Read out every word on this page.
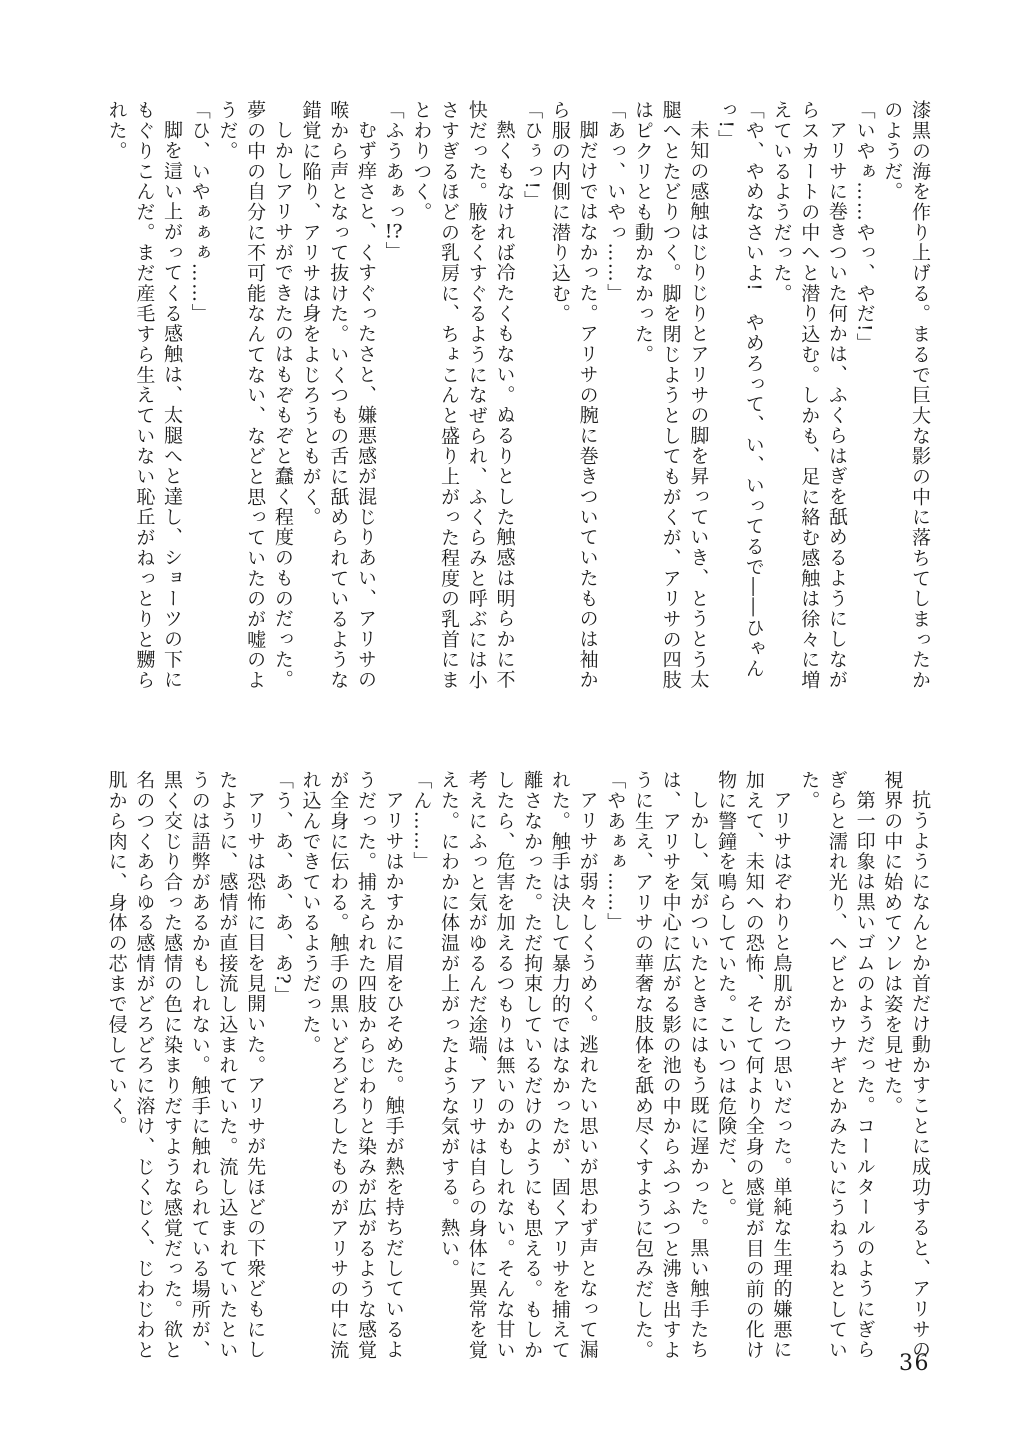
漆黒の海を作り上げる。まるで巨大な影の中に落ちてしまったか
のようだ。
「いやぁ……やっ、やだ!」
アリサに巻きついた何かは、ふくらはぎを舐めるようにしなが
らスカートの中へと潜り込む。しかも、足に絡む感触は徐々に増
えているようだった。
「や、やめなさいよ!　やめろって、い、いってるで――ひゃん
っ!」
未知の感触はじりじりとアリサの脚を昇っていき、とうとう太
腿へとたどりつく。脚を閉じようとしてもがくが、アリサの四肢
はピクリとも動かなかった。
「あっ、いやっ……」
脚だけではなかった。アリサの腕に巻きついていたものは袖か
ら服の内側に潜り込む。
「ひぅっ!」
熱くもなければ冷たくもない。ぬるりとした触感は明らかに不
快だった。腋をくすぐるようになぜられ、ふくらみと呼ぶには小
さすぎるほどの乳房に、ちょこんと盛り上がった程度の乳首にま
とわりつく。
「ふうあぁっ!?」
むず痒さと、くすぐったさと、嫌悪感が混じりあい、アリサの
喉から声となって抜けた。いくつもの舌に舐められているような
錯覚に陥り、アリサは身をよじろうともがく。
しかしアリサができたのはもぞもぞと蠢く程度のものだった。
夢の中の自分に不可能なんてない、などと思っていたのが嘘のよ
うだ。
「ひ、いやぁぁぁ……」
脚を這い上がってくる感触は、太腿へと達し、ショーツの下に
もぐりこんだ。まだ産毛すら生えていない恥丘がねっとりと嬲ら
れた。
抗うようになんとか首だけ動かすことに成功すると、アリサの
視界の中に始めてソレは姿を見せた。
第一印象は黒いゴムのようだった。コールタールのようにぎら
ぎらと濡れ光り、ヘビとかウナギとかみたいにうねうねとしてい
た。
アリサはぞわりと鳥肌がたつ思いだった。単純な生理的嫌悪に
加えて、未知への恐怖、そして何より全身の感覚が目の前の化け
物に警鐘を鳴らしていた。こいつは危険だ、と。
しかし、気がついたときにはもう既に遅かった。黒い触手たち
は、アリサを中心に広がる影の池の中からふつふつと沸き出すよ
うに生え、アリサの華奢な肢体を舐め尽くすように包みだした。
「やあぁぁ……」
アリサが弱々しくうめく。逃れたい思いが思わず声となって漏
れた。触手は決して暴力的ではなかったが、固くアリサを捕えて
離さなかった。ただ拘束しているだけのようにも思える。もしか
したら、危害を加えるつもりは無いのかもしれない。そんな甘い
考えにふっと気がゆるんだ途端、アリサは自らの身体に異常を覚
えた。にわかに体温が上がったような気がする。熱い。
「ん……」
アリサはかすかに眉をひそめた。触手が熱を持ちだしているよ
うだった。捕えられた四肢からじわりと染みが広がるような感覚
が全身に伝わる。触手の黒いどろどろしたものがアリサの中に流
れ込んできているようだった。
「う、あ、あ、あ、あ?」
アリサは恐怖に目を見開いた。アリサが先ほどの下衆どもにし
たように、感情が直接流し込まれていた。流し込まれていたとい
うのは語弊があるかもしれない。触手に触れられている場所が、
黒く交じり合った感情の色に染まりだすような感覚だった。欲と
名のつくあらゆる感情がどろどろに溶け、じくじく、じわじわと
肌から肉に、身体の芯まで侵していく。
36
